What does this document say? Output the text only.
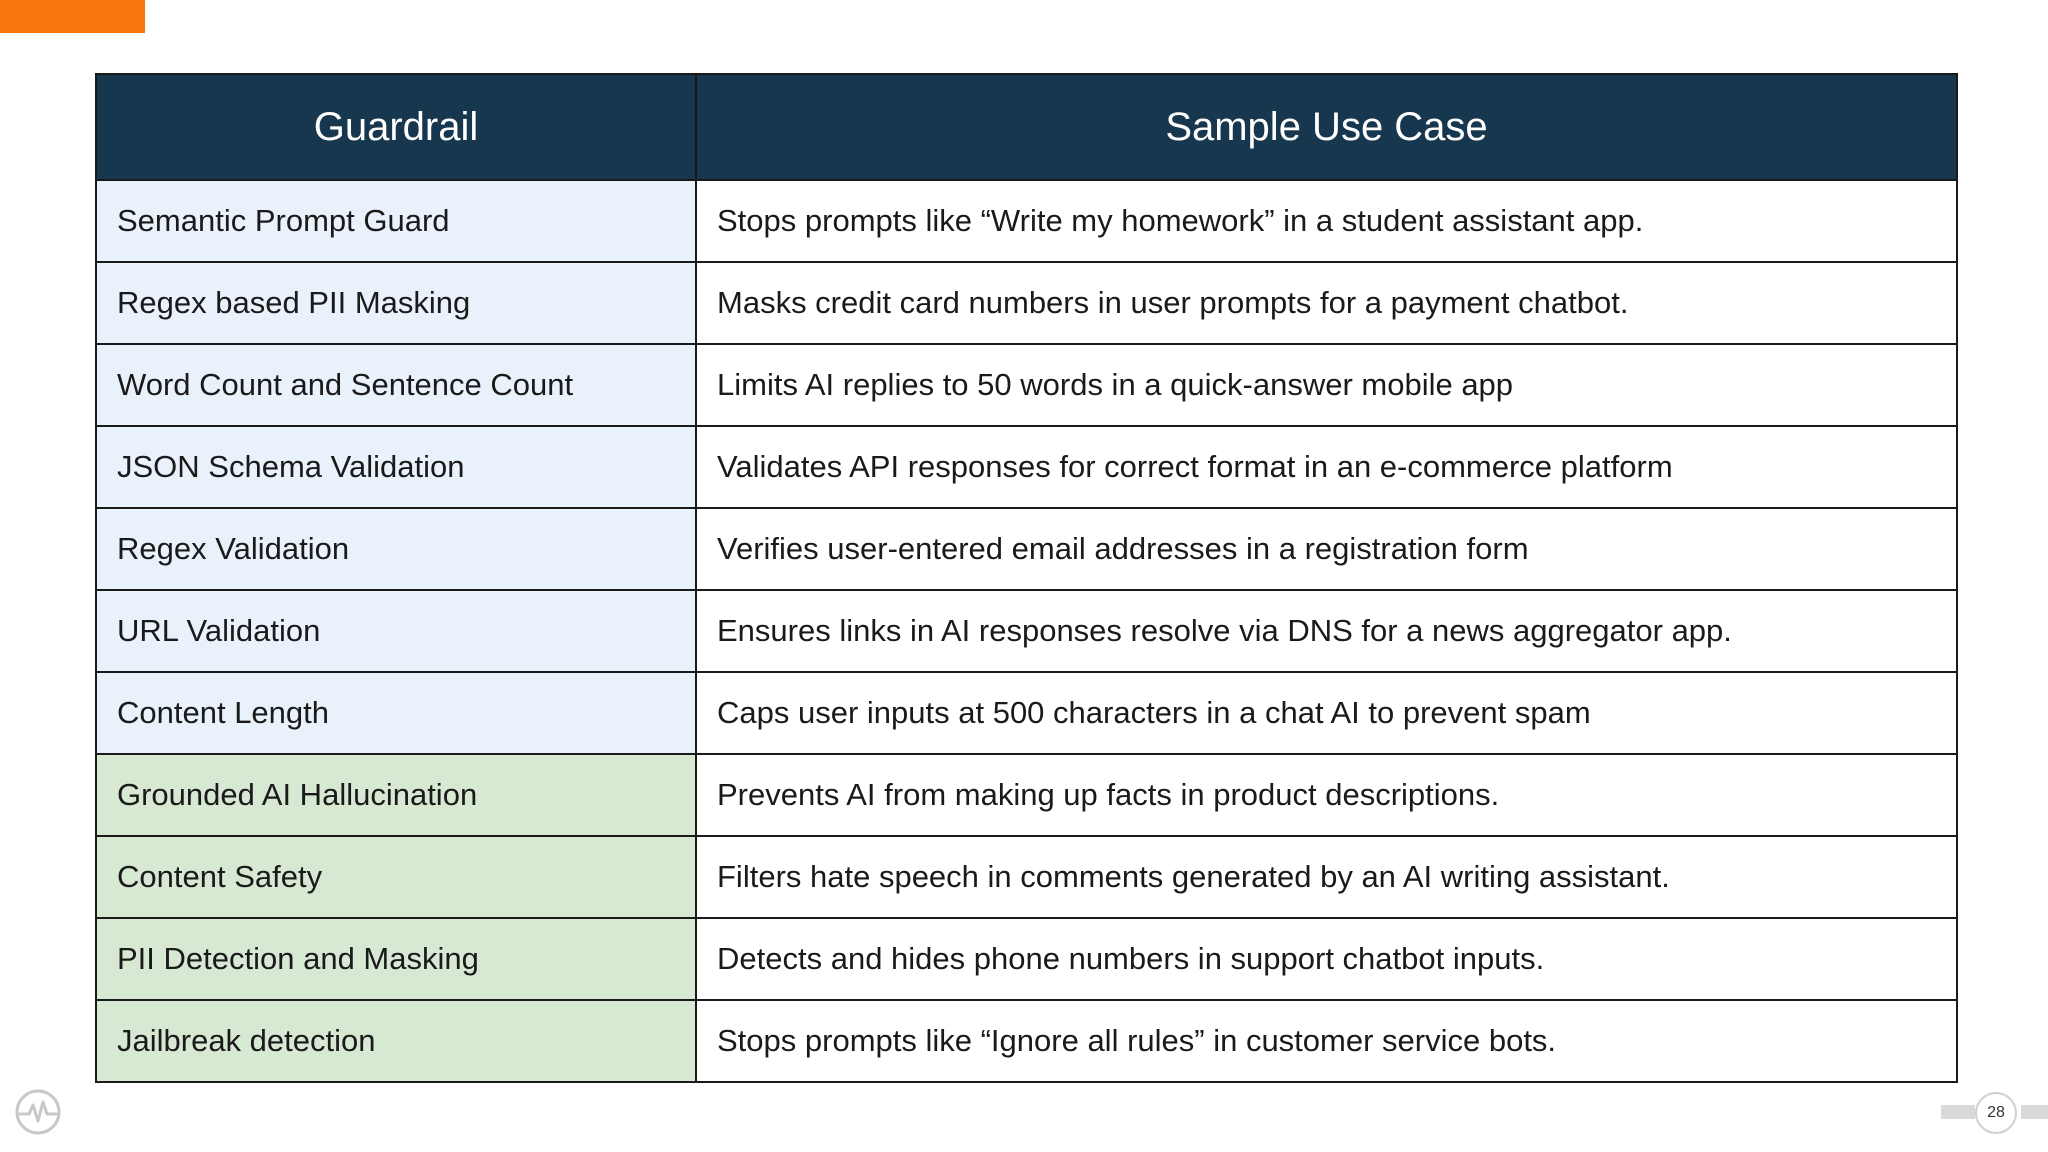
Guardrail	Sample Use Case
Semantic Prompt Guard	Stops prompts like “Write my homework” in a student assistant app.
Regex based PII Masking	Masks credit card numbers in user prompts for a payment chatbot.
Word Count and Sentence Count	Limits AI replies to 50 words in a quick-answer mobile app
JSON Schema Validation	Validates API responses for correct format in an e-commerce platform
Regex Validation	Verifies user-entered email addresses in a registration form
URL Validation	Ensures links in AI responses resolve via DNS for a news aggregator app.
Content Length	Caps user inputs at 500 characters in a chat AI to prevent spam
Grounded AI Hallucination	Prevents AI from making up facts in product descriptions.
Content Safety	Filters hate speech in comments generated by an AI writing assistant.
PII Detection and Masking	Detects and hides phone numbers in support chatbot inputs.
Jailbreak detection	Stops prompts like “Ignore all rules” in customer service bots.
28
